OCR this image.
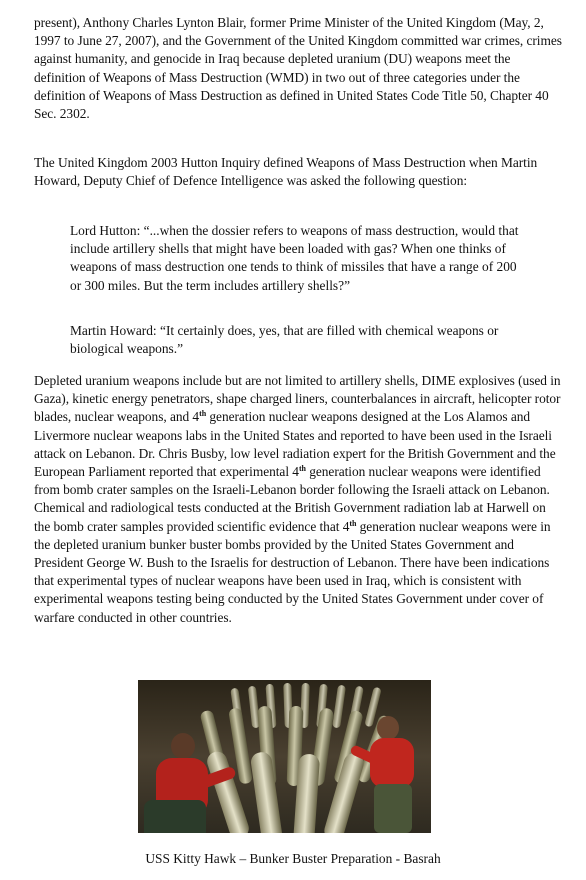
present), Anthony Charles Lynton Blair, former Prime Minister of the United Kingdom (May, 2, 1997 to June 27, 2007), and the Government of the United Kingdom committed war crimes, crimes against humanity, and genocide in Iraq because depleted uranium (DU) weapons meet the definition of Weapons of Mass Destruction (WMD) in two out of three categories under the definition of Weapons of Mass Destruction as defined in United States Code Title 50, Chapter 40 Sec. 2302.

The United Kingdom 2003 Hutton Inquiry defined Weapons of Mass Destruction when Martin Howard, Deputy Chief of Defence Intelligence was asked the following question:

Lord Hutton: “...when the dossier refers to weapons of mass destruction, would that include artillery shells that might have been loaded with gas? When one thinks of weapons of mass destruction one tends to think of missiles that have a range of 200 or 300 miles. But the term includes artillery shells?”

Martin Howard: “It certainly does, yes, that are filled with chemical weapons or biological weapons.”

Depleted uranium weapons include but are not limited to artillery shells, DIME explosives (used in Gaza), kinetic energy penetrators, shape charged liners, counterbalances in aircraft, helicopter rotor blades, nuclear weapons, and 4th generation nuclear weapons designed at the Los Alamos and Livermore nuclear weapons labs in the United States and reported to have been used in the Israeli attack on Lebanon. Dr. Chris Busby, low level radiation expert for the British Government and the European Parliament reported that experimental 4th generation nuclear weapons were identified from bomb crater samples on the Israeli-Lebanon border following the Israeli attack on Lebanon. Chemical and radiological tests conducted at the British Government radiation lab at Harwell on the bomb crater samples provided scientific evidence that 4th generation nuclear weapons were in the depleted uranium bunker buster bombs provided by the United States Government and President George W. Bush to the Israelis for destruction of Lebanon. There have been indications that experimental types of nuclear weapons have been used in Iraq, which is consistent with experimental weapons testing being conducted by the United States Government under cover of warfare conducted in other countries.

USS Kitty Hawk – Bunker Buster Preparation - Basrah
